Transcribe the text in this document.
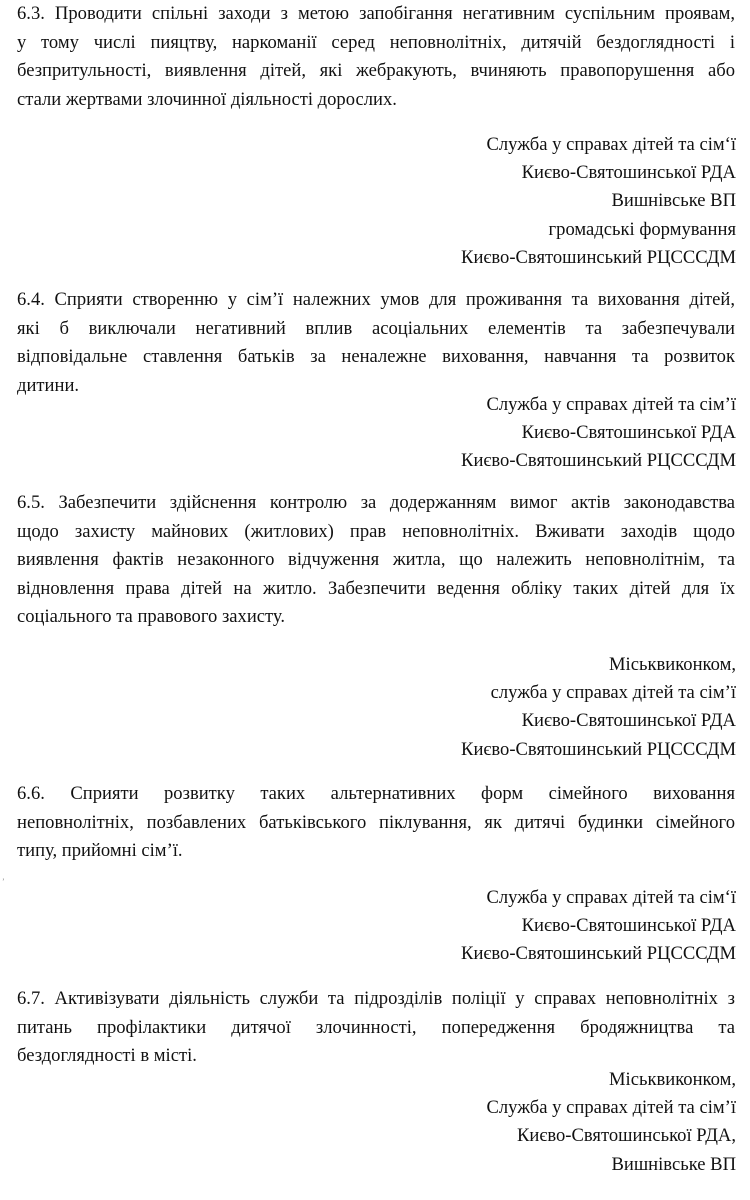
6.3. Проводити спільні заходи з метою запобігання негативним суспільним проявам,
у тому числі пияцтву, наркоманії серед неповнолітніх, дитячій бездоглядності і
безпритульності, виявлення дітей, які жебракують, вчиняють правопорушення або
стали жертвами злочинної діяльності дорослих.
Служба у справах дітей та сім‘ї
Києво-Святошинської РДА
Вишнівське ВП
громадські формування
Києво-Святошинський РЦСССДМ
6.4. Сприяти створенню у сім’ї належних умов для проживання та виховання дітей,
які б виключали негативний вплив асоціальних елементів та забезпечували
відповідальне ставлення батьків за неналежне виховання, навчання та розвиток
дитини.
Служба у справах дітей та сім’ї
Києво-Святошинської РДА
Києво-Святошинський РЦСССДМ
6.5. Забезпечити здійснення контролю за додержанням вимог актів законодавства
щодо захисту майнових (житлових) прав неповнолітніх. Вживати заходів щодо
виявлення фактів незаконного відчуження житла, що належить неповнолітнім, та
відновлення права дітей на житло. Забезпечити ведення обліку таких дітей для їх
соціального та правового захисту.
Міськвиконком,
служба у справах дітей та сім’ї
Києво-Святошинської РДА
Києво-Святошинський РЦСССДМ
6.6. Сприяти розвитку таких альтернативних форм сімейного виховання
неповнолітніх, позбавлених батьківського піклування, як дитячі будинки сімейного
типу, прийомні сім’ї.
Служба у справах дітей та сім‘ї
Києво-Святошинської РДА
Києво-Святошинський РЦСССДМ
6.7. Активізувати діяльність служби та підрозділів поліції у справах неповнолітніх з
питань профілактики дитячої злочинності, попередження бродяжництва та
бездоглядності в місті.
Міськвиконком,
Служба у справах дітей та сім’ї
Києво-Святошинської РДА,
Вишнівське ВП
’
